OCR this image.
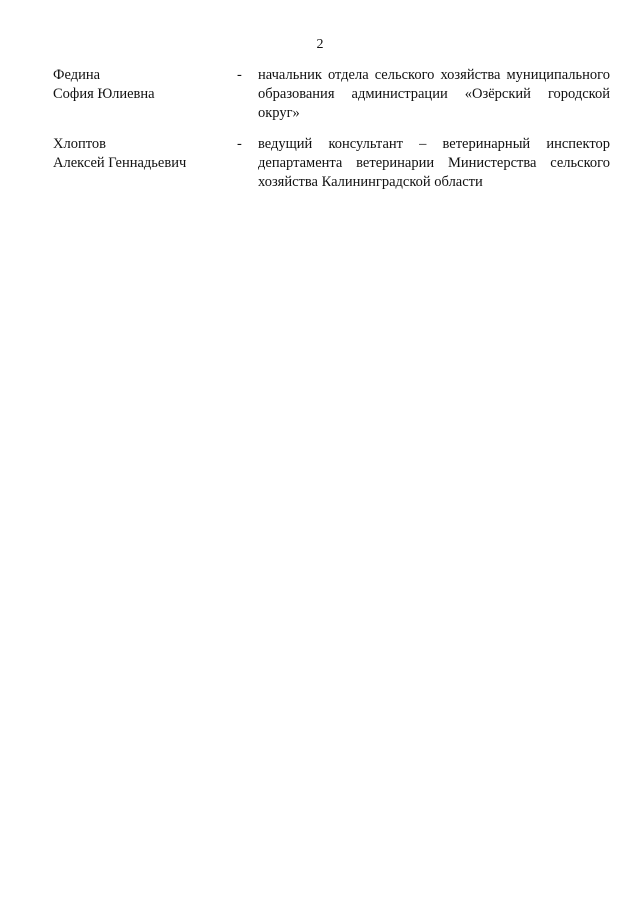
2
Федина
София Юлиевна
-	начальник отдела сельского хозяйства муниципального образования администрации «Озёрский городской округ»
Хлоптов
Алексей Геннадьевич
-	ведущий консультант – ветеринарный инспектор департамента ветеринарии Министерства сельского хозяйства Калининградской области
